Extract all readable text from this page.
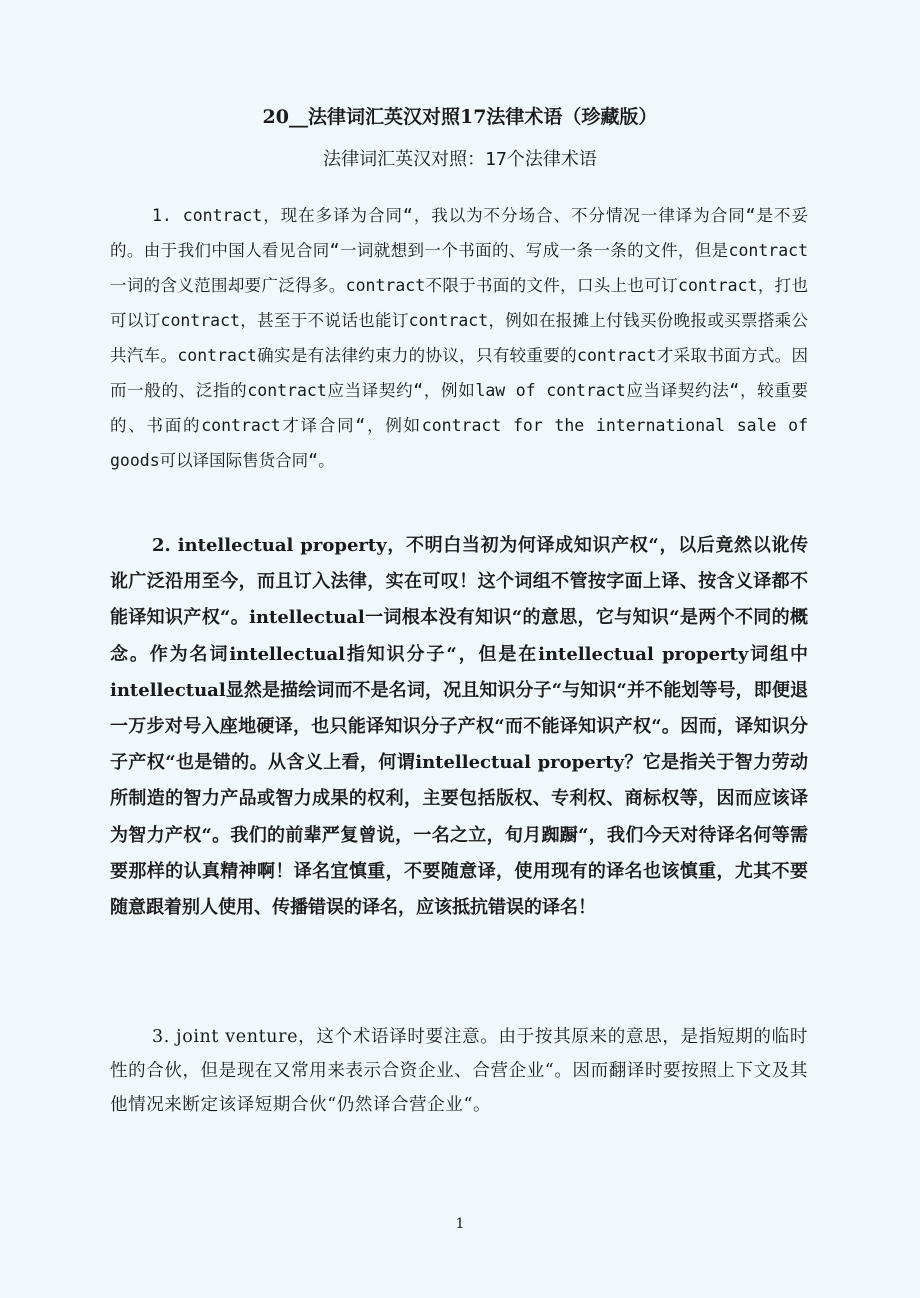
20__法律词汇英汉对照17法律术语（珍藏版）
法律词汇英汉对照：17个法律术语

1. contract，现在多译为合同“，我以为不分场合、不分情况一律译为合同“是不妥的。由于我们中国人看见合同“一词就想到一个书面的、写成一条一条的文件，但是contract一词的含义范围却要广泛得多。contract不限于书面的文件，口头上也可订contract，打也可以订contract，甚至于不说话也能订contract，例如在报摊上付钱买份晚报或买票搭乘公共汽车。contract确实是有法律约束力的协议，只有较重要的contract才采取书面方式。因而一般的、泛指的contract应当译契约“，例如law of contract应当译契约法“，较重要的、书面的contract才译合同“，例如contract for the international sale of goods可以译国际售货合同“。

2. intellectual property，不明白当初为何译成知识产权“，以后竟然以讹传讹广泛沿用至今，而且订入法律，实在可叹！这个词组不管按字面上译、按含义译都不能译知识产权“。intellectual一词根本没有知识“的意思，它与知识“是两个不同的概念。作为名词intellectual指知识分子“，但是在intellectual property词组中intellectual显然是描绘词而不是名词，况且知识分子“与知识“并不能划等号，即便退一万步对号入座地硬译，也只能译知识分子产权“而不能译知识产权“。因而，译知识分子产权“也是错的。从含义上看，何谓intellectual property？它是指关于智力劳动所制造的智力产品或智力成果的权利，主要包括版权、专利权、商标权等，因而应该译为智力产权“。我们的前辈严复曾说，一名之立，旬月踟蹰“，我们今天对待译名何等需要那样的认真精神啊！译名宜慎重，不要随意译，使用现有的译名也该慎重，尤其不要随意跟着别人使用、传播错误的译名，应该抵抗错误的译名！

3. joint venture，这个术语译时要注意。由于按其原来的意思，是指短期的临时性的合伙，但是现在又常用来表示合资企业、合营企业“。因而翻译时要按照上下文及其他情况来断定该译短期合伙“仍然译合营企业“。

1
